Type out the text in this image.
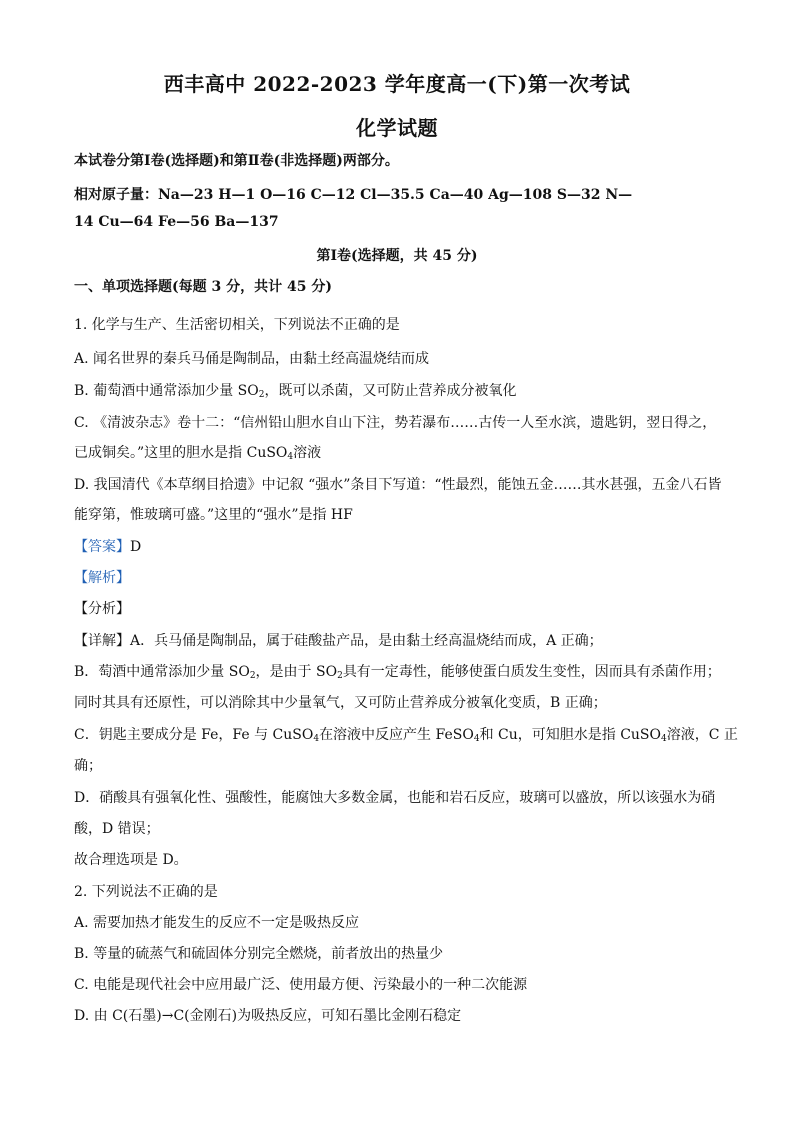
西丰高中 2022-2023 学年度高一(下)第一次考试
化学试题
本试卷分第Ⅰ卷(选择题)和第Ⅱ卷(非选择题)两部分。
相对原子量：Na—23 H—1 O—16 C—12 Cl—35.5 Ca—40 Ag—108 S—32 N—
14 Cu—64 Fe—56 Ba—137
第Ⅰ卷(选择题，共 45 分)
一、单项选择题(每题 3 分，共计 45 分)
1. 化学与生产、生活密切相关，下列说法不正确的是
A. 闻名世界的秦兵马俑是陶制品，由黏土经高温烧结而成
B. 葡萄酒中通常添加少量 $SO_2$，既可以杀菌，又可防止营养成分被氧化
C. 《清波杂志》卷十二：“信州铅山胆水自山下注，势若瀑布……古传一人至水滨，遗匙钥，翌日得之，
已成铜矣。”这里的胆水是指 CuSO$_4$溶液
D. 我国清代《本草纲目拾遗》中记叙 “强水”条目下写道：“性最烈，能蚀五金……其水甚强，五金八石皆
能穿第，惟玻璃可盛。”这里的“强水”是指 HF
【答案】D
【解析】
【分析】
【详解】A．兵马俑是陶制品，属于硅酸盐产品，是由黏土经高温烧结而成，A 正确；
B．萄酒中通常添加少量 $SO_2$，是由于 $SO_2$具有一定毒性，能够使蛋白质发生变性，因而具有杀菌作用；
同时其具有还原性，可以消除其中少量氧气，又可防止营养成分被氧化变质，B 正确；
C．钥匙主要成分是 Fe，Fe 与 CuSO$_4$在溶液中反应产生 FeSO$_4$和 Cu，可知胆水是指 CuSO$_4$溶液，C 正
确；
D．硝酸具有强氧化性、强酸性，能腐蚀大多数金属，也能和岩石反应，玻璃可以盛放，所以该强水为硝
酸，D 错误；
故合理选项是 D。
2. 下列说法不正确的是
A. 需要加热才能发生的反应不一定是吸热反应
B. 等量的硫蒸气和硫固体分别完全燃烧，前者放出的热量少
C. 电能是现代社会中应用最广泛、使用最方便、污染最小的一种二次能源
D. 由 C(石墨)→C(金刚石)为吸热反应，可知石墨比金刚石稳定
